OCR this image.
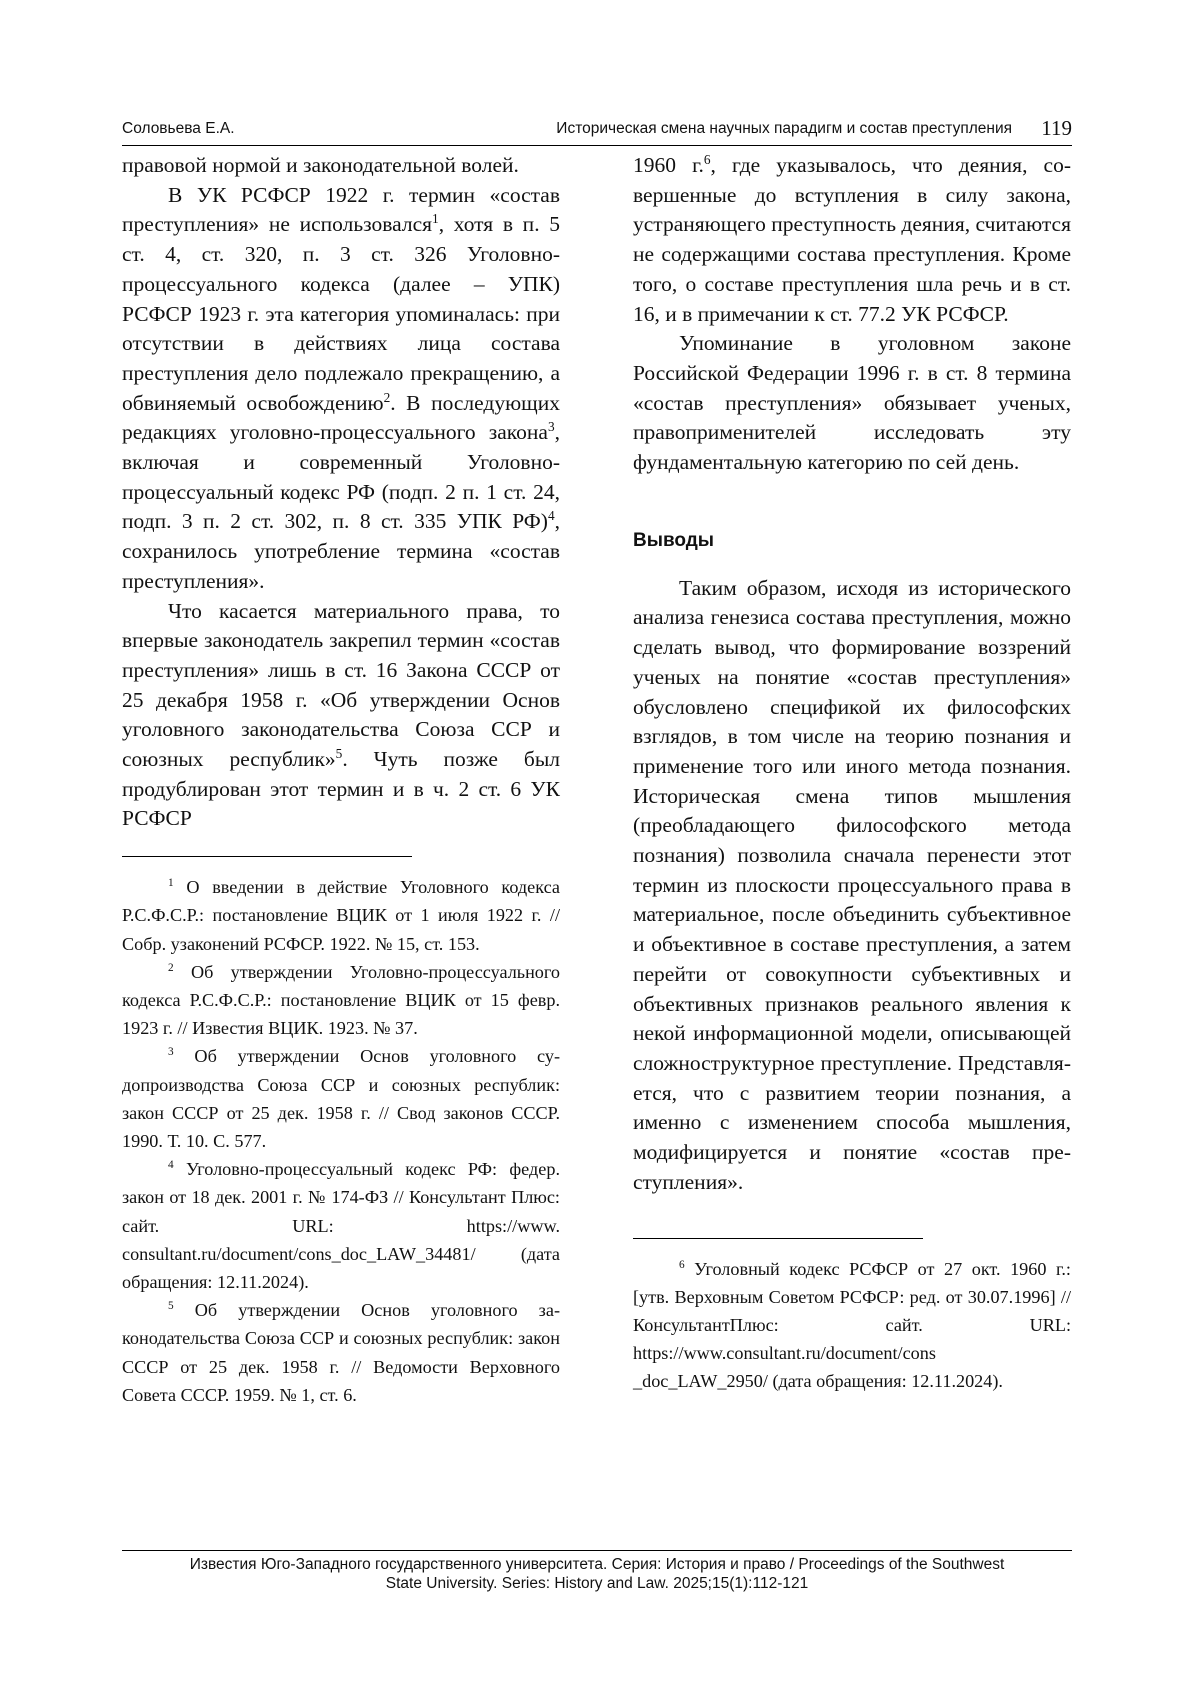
Соловьева Е.А.	Историческая смена научных парадигм и состав преступления 119

правовой нормой и законодательной волей.

В УК РСФСР 1922 г. термин «состав преступления» не использовался$^1$, хотя в п. 5 ст. 4, ст. 320, п. 3 ст. 326 Уголовно-процессуального кодекса (далее – УПК) РСФСР 1923 г. эта категория упоминалась: при отсутствии в действиях лица состава преступления дело подлежало прекращению, а обвиняемый освобождению$^2$. В последующих редакциях уголовно-процессуального закона$^3$, включая и современный Уголовно-процессуальный кодекс РФ (подп. 2 п. 1 ст. 24, подп. 3 п. 2 ст. 302, п. 8 ст. 335 УПК РФ)$^4$, сохранилось употребление термина «состав преступления».

Что касается материального права, то впервые законодатель закрепил термин «состав преступления» лишь в ст. 16 Закона СССР от 25 декабря 1958 г. «Об утверждении Основ уголовного законодательства Союза ССР и союзных республик»$^5$. Чуть позже был продублирован этот термин и в ч. 2 ст. 6 УК РСФСР

$^1$ О введении в действие Уголовного кодекса Р.С.Ф.С.Р.: постановление ВЦИК от 1 июля 1922 г. // Собр. узаконений РСФСР. 1922. № 15, ст. 153.

$^2$ Об утверждении Уголовно-процессуального кодекса Р.С.Ф.С.Р.: постановление ВЦИК от 15 февр. 1923 г. // Известия ВЦИК. 1923. № 37.

$^3$ Об утверждении Основ уголовного судопроизводства Союза ССР и союзных республик: закон СССР от 25 дек. 1958 г. // Свод законов СССР. 1990. Т. 10. С. 577.

$^4$ Уголовно-процессуальный кодекс РФ: федер. закон от 18 дек. 2001 г. № 174-ФЗ // Консультант Плюс: сайт. URL: https://www. consultant.ru/document/cons_doc_LAW_34481/ (дата обращения: 12.11.2024).

$^5$ Об утверждении Основ уголовного законодательства Союза ССР и союзных республик: закон СССР от 25 дек. 1958 г. // Ведомости Верховного Совета СССР. 1959. № 1, ст. 6.

1960 г.$^6$, где указывалось, что деяния, совершенные до вступления в силу закона, устраняющего преступность деяния, считаются не содержащими состава преступления. Кроме того, о составе преступления шла речь и в ст. 16, и в примечании к ст. 77.2 УК РСФСР.

Упоминание в уголовном законе Российской Федерации 1996 г. в ст. 8 термина «состав преступления» обязывает ученых, правоприменителей исследовать эту фундаментальную категорию по сей день.

Выводы

Таким образом, исходя из исторического анализа генезиса состава преступления, можно сделать вывод, что формирование воззрений ученых на понятие «состав преступления» обусловлено спецификой их философских взглядов, в том числе на теорию познания и применение того или иного метода познания. Историческая смена типов мышления (преобладающего философского метода познания) позволила сначала перенести этот термин из плоскости процессуального права в материальное, после объединить субъективное и объективное в составе преступления, а затем перейти от совокупности субъективных и объективных признаков реального явления к некой информационной модели, описывающей сложноструктурное преступление. Представляется, что с развитием теории познания, а именно с изменением способа мышления, модифицируется и понятие «состав преступления».

$^6$ Уголовный кодекс РСФСР от 27 окт. 1960 г.: [утв. Верховным Советом РСФСР: ред. от 30.07.1996] // КонсультантПлюс: сайт. URL: https://www.consultant.ru/document/cons _doc_LAW_2950/ (дата обращения: 12.11.2024).

Известия Юго-Западного государственного университета. Серия: История и право / Proceedings of the Southwest
State University. Series: History and Law. 2025;15(1):112-121
